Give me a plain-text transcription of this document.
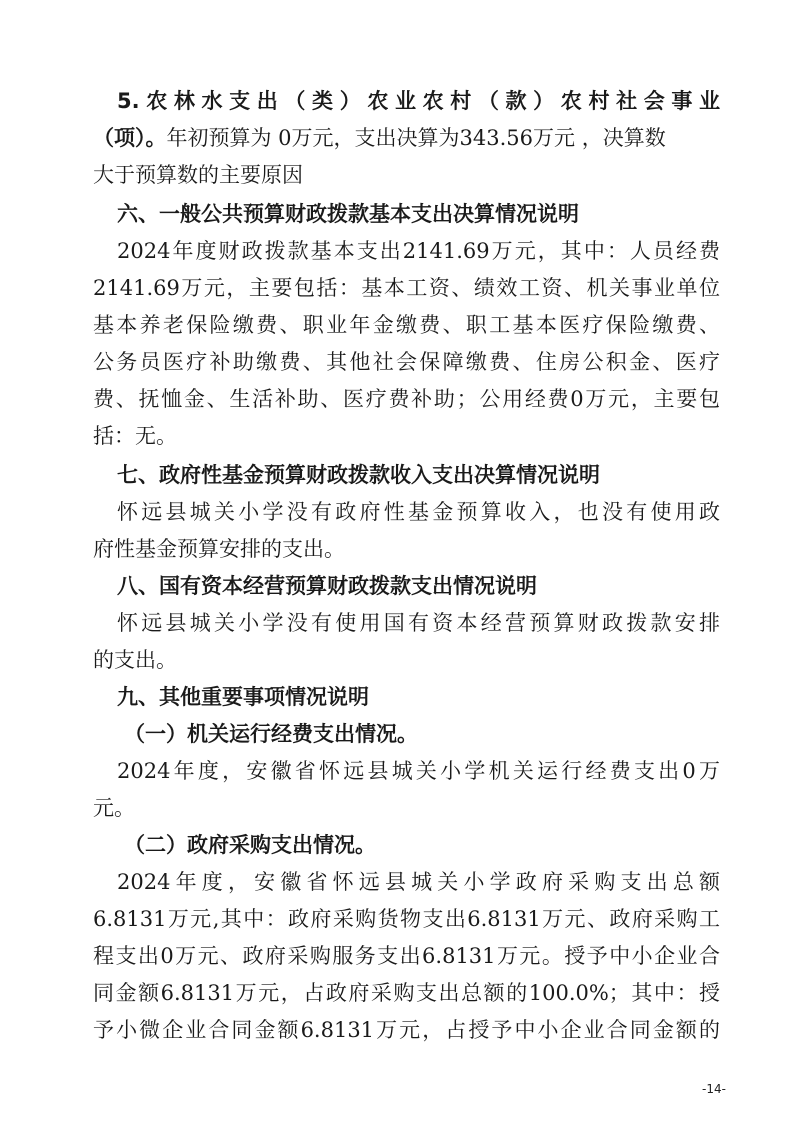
5.农林水支出（类）农业农村（款）农村社会事业
（项）。年初预算为 0万元，支出决算为343.56万元 ，决算数
大于预算数的主要原因
六、一般公共预算财政拨款基本支出决算情况说明
2024年度财政拨款基本支出2141.69万元，其中：人员经费
2141.69万元，主要包括：基本工资、绩效工资、机关事业单位
基本养老保险缴费、职业年金缴费、职工基本医疗保险缴费、
公务员医疗补助缴费、其他社会保障缴费、住房公积金、医疗
费、抚恤金、生活补助、医疗费补助；公用经费0万元，主要包
括：无。
七、政府性基金预算财政拨款收入支出决算情况说明
怀远县城关小学没有政府性基金预算收入，也没有使用政
府性基金预算安排的支出。
八、国有资本经营预算财政拨款支出情况说明
怀远县城关小学没有使用国有资本经营预算财政拨款安排
的支出。
九、其他重要事项情况说明
（一）机关运行经费支出情况。
2024年度，安徽省怀远县城关小学机关运行经费支出0万
元。
（二）政府采购支出情况。
2024年度，安徽省怀远县城关小学政府采购支出总额
6.8131万元,其中：政府采购货物支出6.8131万元、政府采购工
程支出0万元、政府采购服务支出6.8131万元。授予中小企业合
同金额6.8131万元，占政府采购支出总额的100.0%；其中：授
予小微企业合同金额6.8131万元，占授予中小企业合同金额的
-14-
